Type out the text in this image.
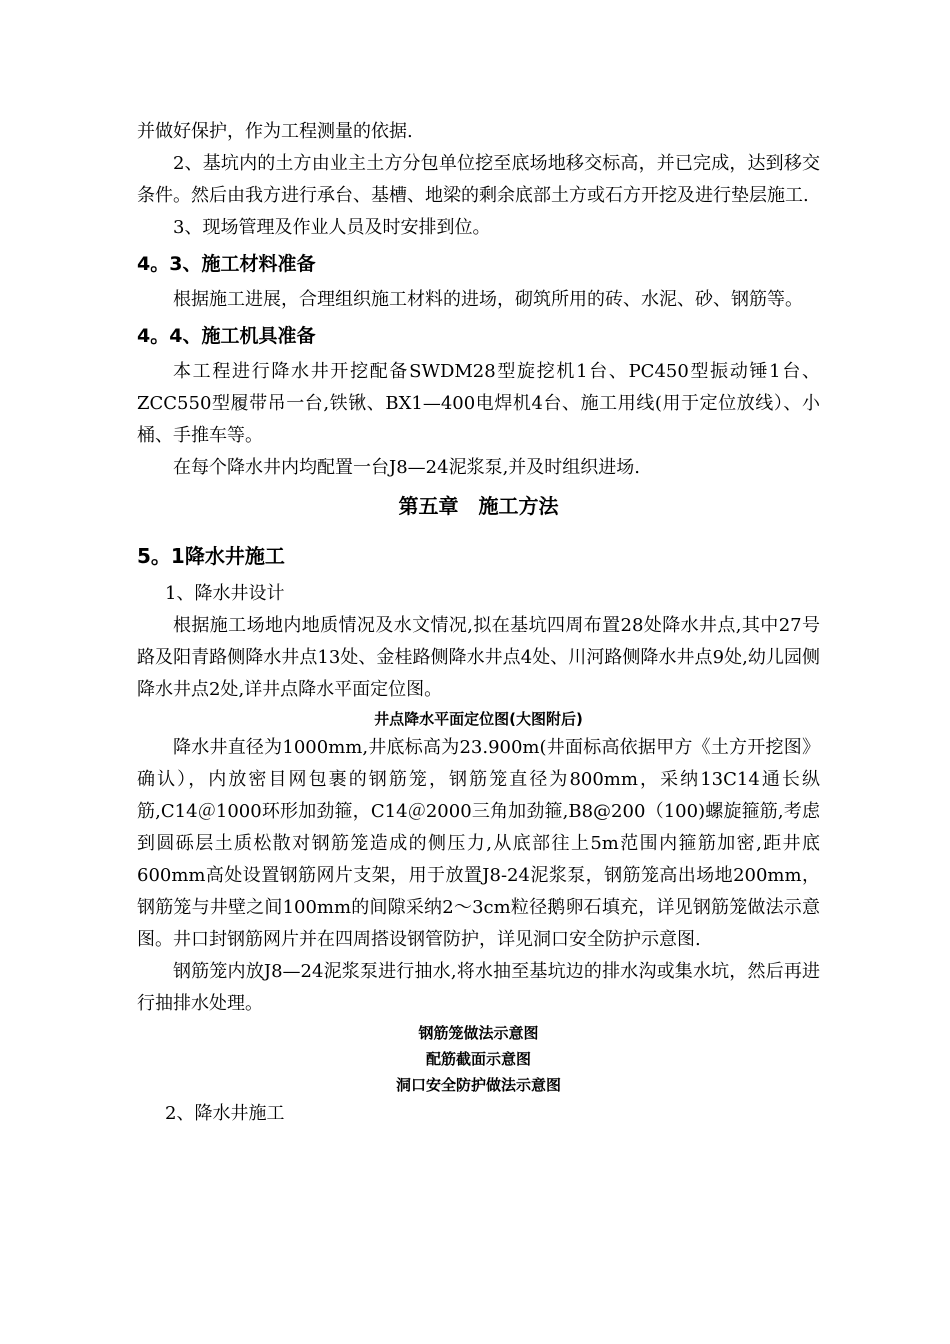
并做好保护，作为工程测量的依据.

2、基坑内的土方由业主土方分包单位挖至底场地移交标高，并已完成，达到移交条件。然后由我方进行承台、基槽、地梁的剩余底部土方或石方开挖及进行垫层施工.

3、现场管理及作业人员及时安排到位。

4。3、施工材料准备

根据施工进展，合理组织施工材料的进场，砌筑所用的砖、水泥、砂、钢筋等。

4。4、施工机具准备

本工程进行降水井开挖配备SWDM28型旋挖机1台、PC450型振动锤1台、ZCC550型履带吊一台,铁锹、BX1—400电焊机4台、施工用线(用于定位放线）、小桶、手推车等。

在每个降水井内均配置一台J8—24泥浆泵,并及时组织进场.

第五章　施工方法
5。1降水井施工

1、降水井设计

根据施工场地内地质情况及水文情况,拟在基坑四周布置28处降水井点,其中27号路及阳青路侧降水井点13处、金桂路侧降水井点4处、川河路侧降水井点9处,幼儿园侧降水井点2处,详井点降水平面定位图。

井点降水平面定位图(大图附后)

降水井直径为1000mm,井底标高为23.900m(井面标高依据甲方《土方开挖图》确认），内放密目网包裹的钢筋笼，钢筋笼直径为800mm，采纳13C14通长纵筋,C14＠1000环形加劲箍，C14＠2000三角加劲箍,B8@200（100)螺旋箍筋,考虑到圆砾层土质松散对钢筋笼造成的侧压力,从底部往上5m范围内箍筋加密,距井底600mm高处设置钢筋网片支架，用于放置J8-24泥浆泵，钢筋笼高出场地200mm，钢筋笼与井壁之间100mm的间隙采纳2～3cm粒径鹅卵石填充，详见钢筋笼做法示意图。井口封钢筋网片并在四周搭设钢管防护，详见洞口安全防护示意图.

钢筋笼内放J8—24泥浆泵进行抽水,将水抽至基坑边的排水沟或集水坑，然后再进行抽排水处理。

钢筋笼做法示意图

配筋截面示意图

洞口安全防护做法示意图

2、降水井施工
